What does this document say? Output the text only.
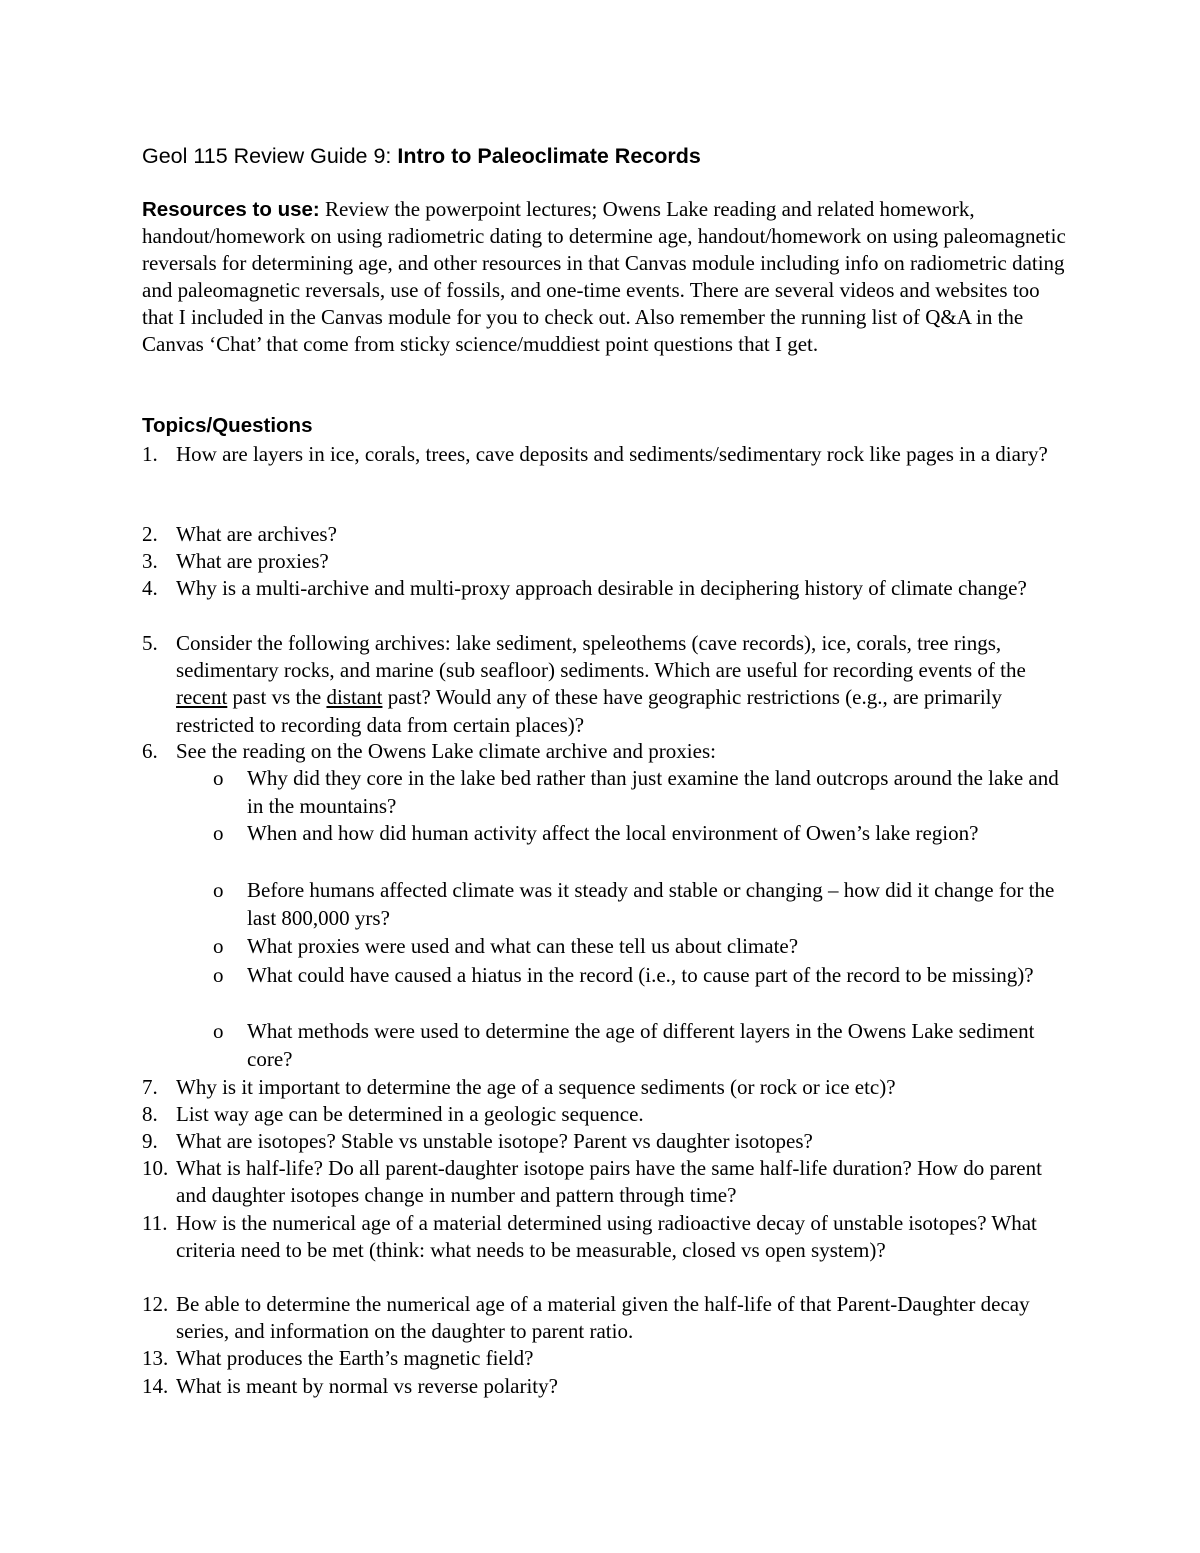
Geol 115 Review Guide 9: Intro to Paleoclimate Records
Resources to use: Review the powerpoint lectures; Owens Lake reading and related homework, handout/homework on using radiometric dating to determine age, handout/homework on using paleomagnetic reversals for determining age, and other resources in that Canvas module including info on radiometric dating and paleomagnetic reversals, use of fossils, and one-time events. There are several videos and websites too that I included in the Canvas module for you to check out. Also remember the running list of Q&A in the Canvas ‘Chat’ that come from sticky science/muddiest point questions that I get.
Topics/Questions
1. How are layers in ice, corals, trees, cave deposits and sediments/sedimentary rock like pages in a diary?
2. What are archives?
3. What are proxies?
4. Why is a multi-archive and multi-proxy approach desirable in deciphering history of climate change?
5. Consider the following archives: lake sediment, speleothems (cave records), ice, corals, tree rings, sedimentary rocks, and marine (sub seafloor) sediments. Which are useful for recording events of the recent past vs the distant past? Would any of these have geographic restrictions (e.g., are primarily restricted to recording data from certain places)?
6. See the reading on the Owens Lake climate archive and proxies:
o Why did they core in the lake bed rather than just examine the land outcrops around the lake and in the mountains?
o When and how did human activity affect the local environment of Owen’s lake region?
o Before humans affected climate was it steady and stable or changing – how did it change for the last 800,000 yrs?
o What proxies were used and what can these tell us about climate?
o What could have caused a hiatus in the record (i.e., to cause part of the record to be missing)?
o What methods were used to determine the age of different layers in the Owens Lake sediment core?
7. Why is it important to determine the age of a sequence sediments (or rock or ice etc)?
8. List way age can be determined in a geologic sequence.
9. What are isotopes? Stable vs unstable isotope? Parent vs daughter isotopes?
10. What is half-life? Do all parent-daughter isotope pairs have the same half-life duration? How do parent and daughter isotopes change in number and pattern through time?
11. How is the numerical age of a material determined using radioactive decay of unstable isotopes? What criteria need to be met (think: what needs to be measurable, closed vs open system)?
12. Be able to determine the numerical age of a material given the half-life of that Parent-Daughter decay series, and information on the daughter to parent ratio.
13. What produces the Earth’s magnetic field?
14. What is meant by normal vs reverse polarity?
